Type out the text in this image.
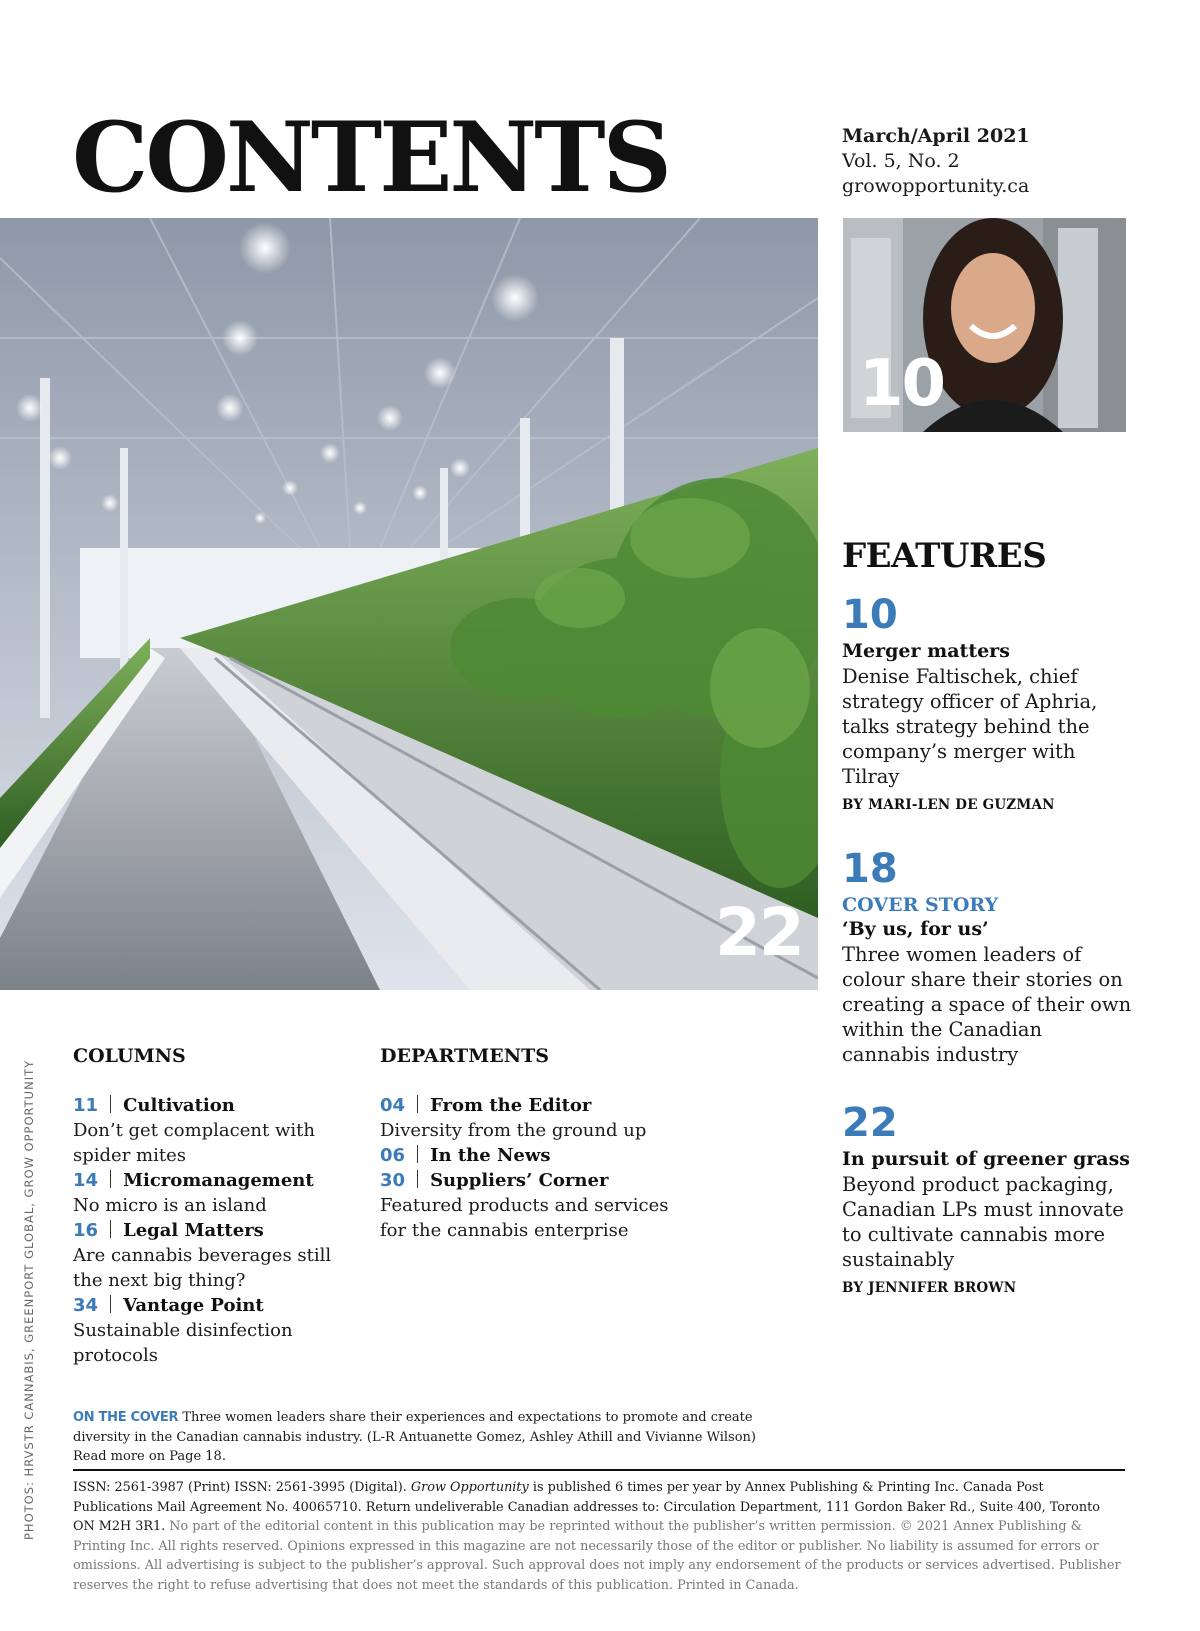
CONTENTS	March/April 2021
Vol. 5, No. 2
growopportunity.ca
22
10
FEATURES
10
Merger matters
Denise Faltischek, chief strategy officer of Aphria, talks strategy behind the company’s merger with Tilray
BY MARI-LEN DE GUZMAN
18
COVER STORY
‘By us, for us’
Three women leaders of colour share their stories on creating a space of their own within the Canadian cannabis industry
22
In pursuit of greener grass
Beyond product packaging, Canadian LPs must innovate to cultivate cannabis more sustainably
BY JENNIFER BROWN
COLUMNS
11 Cultivation
Don’t get complacent with spider mites
14 Micromanagement
No micro is an island
16 Legal Matters
Are cannabis beverages still the next big thing?
34 Vantage Point
Sustainable disinfection protocols
DEPARTMENTS
04 From the Editor
Diversity from the ground up
06 In the News
30 Suppliers’ Corner
Featured products and services for the cannabis enterprise
ON THE COVER Three women leaders share their experiences and expectations to promote and create diversity in the Canadian cannabis industry. (L-R Antuanette Gomez, Ashley Athill and Vivianne Wilson)
Read more on Page 18.
ISSN: 2561-3987 (Print) ISSN: 2561-3995 (Digital). Grow Opportunity is published 6 times per year by Annex Publishing & Printing Inc. Canada Post Publications Mail Agreement No. 40065710. Return undeliverable Canadian addresses to: Circulation Department, 111 Gordon Baker Rd., Suite 400, Toronto ON M2H 3R1. No part of the editorial content in this publication may be reprinted without the publisher’s written permission. © 2021 Annex Publishing & Printing Inc. All rights reserved. Opinions expressed in this magazine are not necessarily those of the editor or publisher. No liability is assumed for errors or omissions. All advertising is subject to the publisher’s approval. Such approval does not imply any endorsement of the products or services advertised. Publisher reserves the right to refuse advertising that does not meet the standards of this publication. Printed in Canada.
PHOTOS: HRVSTR CANNABIS, GREENPORT GLOBAL, GROW OPPORTUNITY
